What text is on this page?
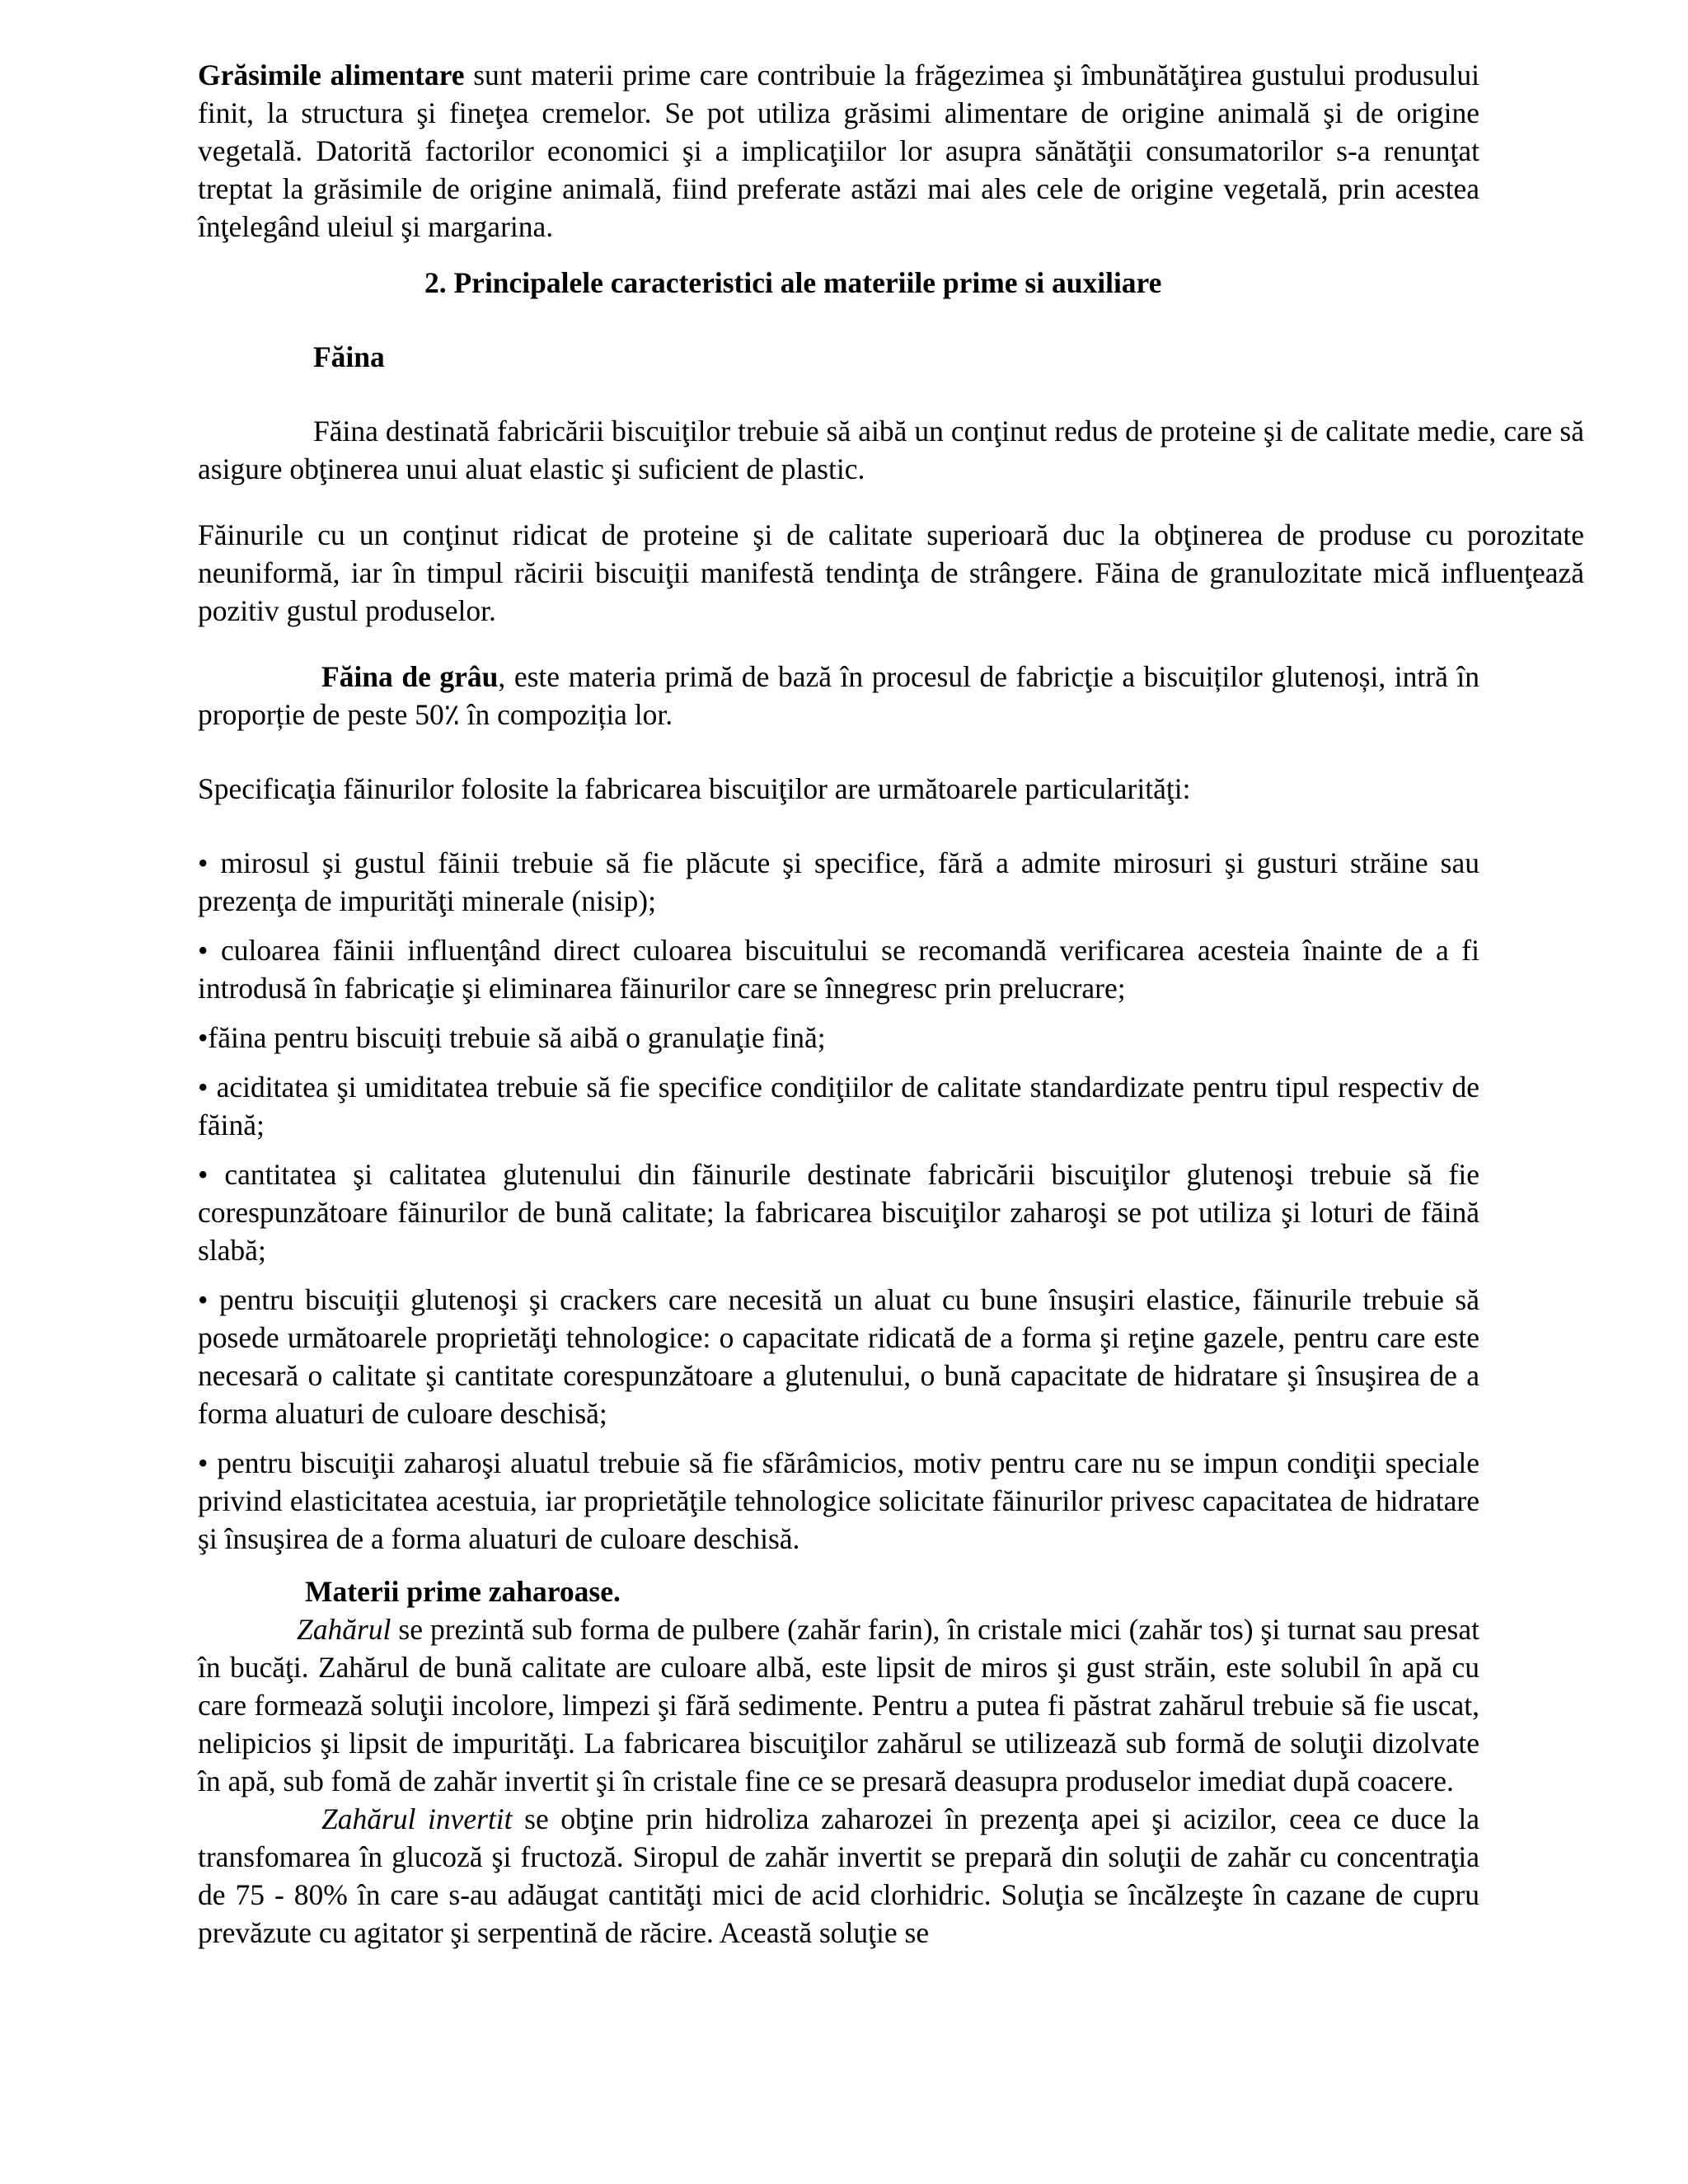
Grăsimile alimentare sunt materii prime care contribuie la frăgezimea şi îmbunătăţirea gustului produsului finit, la structura şi fineţea cremelor. Se pot utiliza grăsimi alimentare de origine animală şi de origine vegetală. Datorită factorilor economici şi a implicaţiilor lor asupra sănătăţii consumatorilor s-a renunţat treptat la grăsimile de origine animală, fiind preferate astăzi mai ales cele de origine vegetală, prin acestea înţelegând uleiul şi margarina.

2. Principalele caracteristici ale materiile prime si auxiliare

Făina

Făina destinată fabricării biscuiţilor trebuie să aibă un conţinut redus de proteine şi de calitate medie, care să asigure obţinerea unui aluat elastic şi suficient de plastic.

Făinurile cu un conţinut ridicat de proteine şi de calitate superioară duc la obţinerea de produse cu porozitate neuniformă, iar în timpul răcirii biscuiţii manifestă tendinţa de strângere. Făina de granulozitate mică influenţează pozitiv gustul produselor.

Făina de grâu, este materia primă de bază în procesul de fabricţie a biscuiților glutenoși, intră în proporție de peste 50٪ în compoziția lor.

Specificaţia făinurilor folosite la fabricarea biscuiţilor are următoarele particularităţi:

• mirosul şi gustul făinii trebuie să fie plăcute şi specifice, fără a admite mirosuri şi gusturi străine sau prezenţa de impurităţi minerale (nisip);
• culoarea făinii influenţând direct culoarea biscuitului se recomandă verificarea acesteia înainte de a fi introdusă în fabricaţie şi eliminarea făinurilor care se înnegresc prin prelucrare;
•făina pentru biscuiţi trebuie să aibă o granulaţie fină;
• aciditatea şi umiditatea trebuie să fie specifice condiţiilor de calitate standardizate pentru tipul respectiv de făină;
• cantitatea şi calitatea glutenului din făinurile destinate fabricării biscuiţilor glutenoşi trebuie să fie corespunzătoare făinurilor de bună calitate; la fabricarea biscuiţilor zaharoşi se pot utiliza şi loturi de făină slabă;
• pentru biscuiţii glutenoşi şi crackers care necesită un aluat cu bune însuşiri elastice, făinurile trebuie să posede următoarele proprietăţi tehnologice: o capacitate ridicată de a forma şi reţine gazele, pentru care este necesară o calitate şi cantitate corespunzătoare a glutenului, o bună capacitate de hidratare şi însuşirea de a forma aluaturi de culoare deschisă;
• pentru biscuiţii zaharoşi aluatul trebuie să fie sfărâmicios, motiv pentru care nu se impun condiţii speciale privind elasticitatea acestuia, iar proprietăţile tehnologice solicitate făinurilor privesc capacitatea de hidratare şi însuşirea de a forma aluaturi de culoare deschisă.

Materii prime zaharoase.

Zahărul se prezintă sub forma de pulbere (zahăr farin), în cristale mici (zahăr tos) şi turnat sau presat în bucăţi. Zahărul de bună calitate are culoare albă, este lipsit de miros şi gust străin, este solubil în apă cu care formează soluţii incolore, limpezi şi fără sedimente. Pentru a putea fi păstrat zahărul trebuie să fie uscat, nelipicios şi lipsit de impurităţi. La fabricarea biscuiţilor zahărul se utilizează sub formă de soluţii dizolvate în apă, sub fomă de zahăr invertit şi în cristale fine ce se presară deasupra produselor imediat după coacere.

Zahărul invertit se obţine prin hidroliza zaharozei în prezenţa apei şi acizilor, ceea ce duce la transfomarea în glucoză şi fructoză. Siropul de zahăr invertit se prepară din soluţii de zahăr cu concentraţia de 75 - 80% în care s-au adăugat cantităţi mici de acid clorhidric. Soluţia se încălzeşte în cazane de cupru prevăzute cu agitator şi serpentină de răcire. Această soluţie se
